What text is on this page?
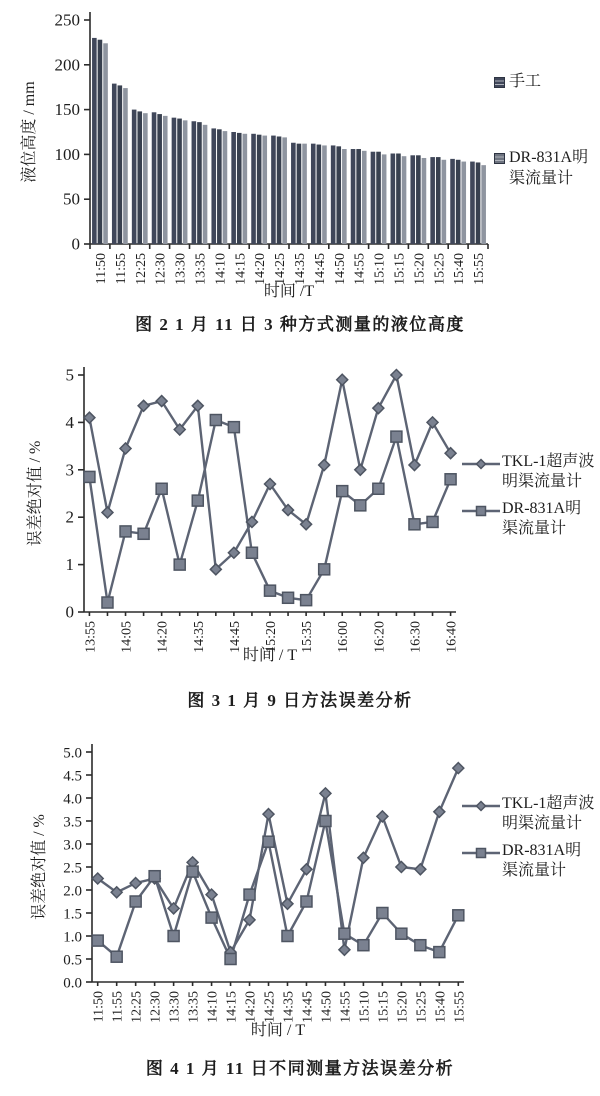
0
50
100
150
200
250
时间 /T
液位高度 / mm
11:50 11:55 12:25 12:30 13:30 13:35 14:10 14:15 14:20 14:25 14:35 14:45 14:50 14:55 15:10 15:15 15:20 15:25 15:40 15:55
手工
DR-831A明渠流量计
图 2 1 月 11 日 3 种方式测量的液位高度
0
1
2
3
4
5
时间 / T
误差绝对值 / %
13:55 14:05 14:20 14:35 14:45 15:20 15:35 16:00 16:20 16:30 16:40
TKL-1超声波明渠流量计
DR-831A明渠流量计
图 3 1 月 9 日方法误差分析
0.0
0.5
1.0
1.5
2.0
2.5
3.0
3.5
4.0
4.5
5.0
时间 / T
误差绝对值 / %
11:50 11:55 12:25 12:30 13:30 13:35 14:10 14:15 14:20 14:25 14:35 14:45 14:50 14:55 15:10 15:15 15:20 15:25 15:40 15:55
TKL-1超声波明渠流量计
DR-831A明渠流量计
图 4 1 月 11 日不同测量方法误差分析
